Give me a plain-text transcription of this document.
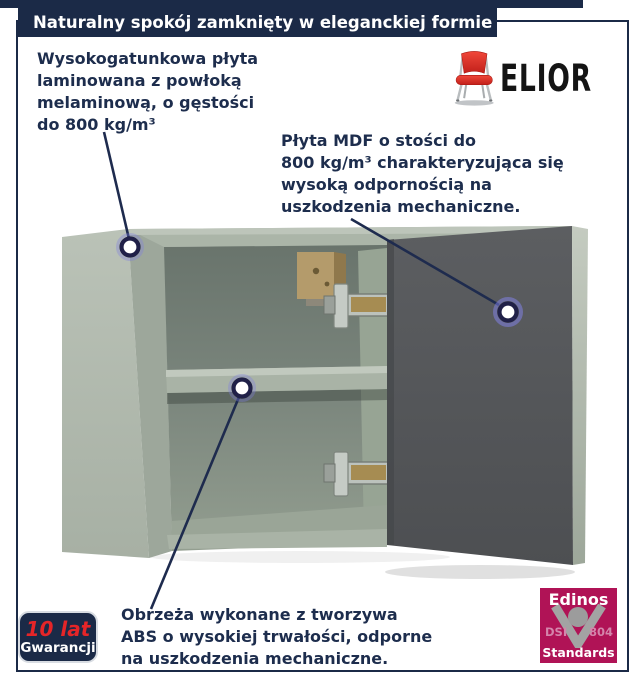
Naturalny spokój zamknięty w eleganckiej formie
ELIOR
Wysokogatunkowa płyta
laminowana z powłoką
melaminową, o gęstości
do 800 kg/m³
Płyta MDF o stości do
800 kg/m³ charakteryzująca się
wysoką odpornością na
uszkodzenia mechaniczne.
Obrzeża wykonane z tworzywa
ABS o wysokiej trwałości, odporne
na uszkodzenia mechaniczne.
10 lat
Gwarancji
Edinos
DSI 804
Standards
